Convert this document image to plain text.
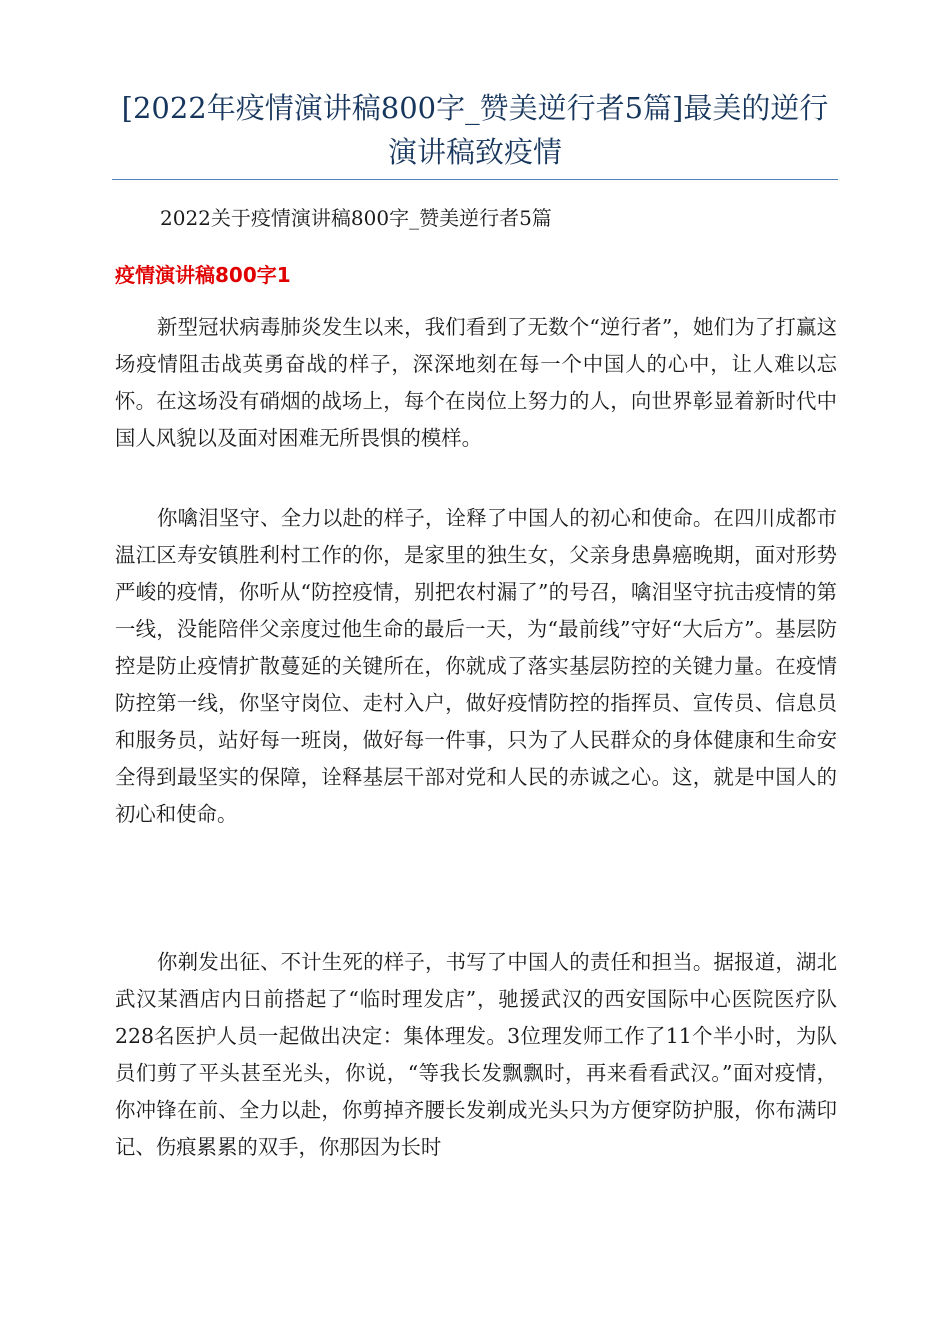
[2022年疫情演讲稿800字_赞美逆行者5篇]最美的逆行演讲稿致疫情

2022关于疫情演讲稿800字_赞美逆行者5篇

疫情演讲稿800字1

新型冠状病毒肺炎发生以来，我们看到了无数个“逆行者”，她们为了打赢这场疫情阻击战英勇奋战的样子，深深地刻在每一个中国人的心中，让人难以忘怀。在这场没有硝烟的战场上，每个在岗位上努力的人，向世界彰显着新时代中国人风貌以及面对困难无所畏惧的模样。

你噙泪坚守、全力以赴的样子，诠释了中国人的初心和使命。在四川成都市温江区寿安镇胜利村工作的你，是家里的独生女，父亲身患鼻癌晚期，面对形势严峻的疫情，你听从“防控疫情，别把农村漏了”的号召，噙泪坚守抗击疫情的第一线，没能陪伴父亲度过他生命的最后一天，为“最前线”守好“大后方”。基层防控是防止疫情扩散蔓延的关键所在，你就成了落实基层防控的关键力量。在疫情防控第一线，你坚守岗位、走村入户，做好疫情防控的指挥员、宣传员、信息员和服务员，站好每一班岗，做好每一件事，只为了人民群众的身体健康和生命安全得到最坚实的保障，诠释基层干部对党和人民的赤诚之心。这，就是中国人的初心和使命。

你剃发出征、不计生死的样子，书写了中国人的责任和担当。据报道，湖北武汉某酒店内日前搭起了“临时理发店”，驰援武汉的西安国际中心医院医疗队228名医护人员一起做出决定：集体理发。3位理发师工作了11个半小时，为队员们剪了平头甚至光头，你说，“等我长发飘飘时，再来看看武汉。”面对疫情，你冲锋在前、全力以赴，你剪掉齐腰长发剃成光头只为方便穿防护服，你布满印记、伤痕累累的双手，你那因为长时
